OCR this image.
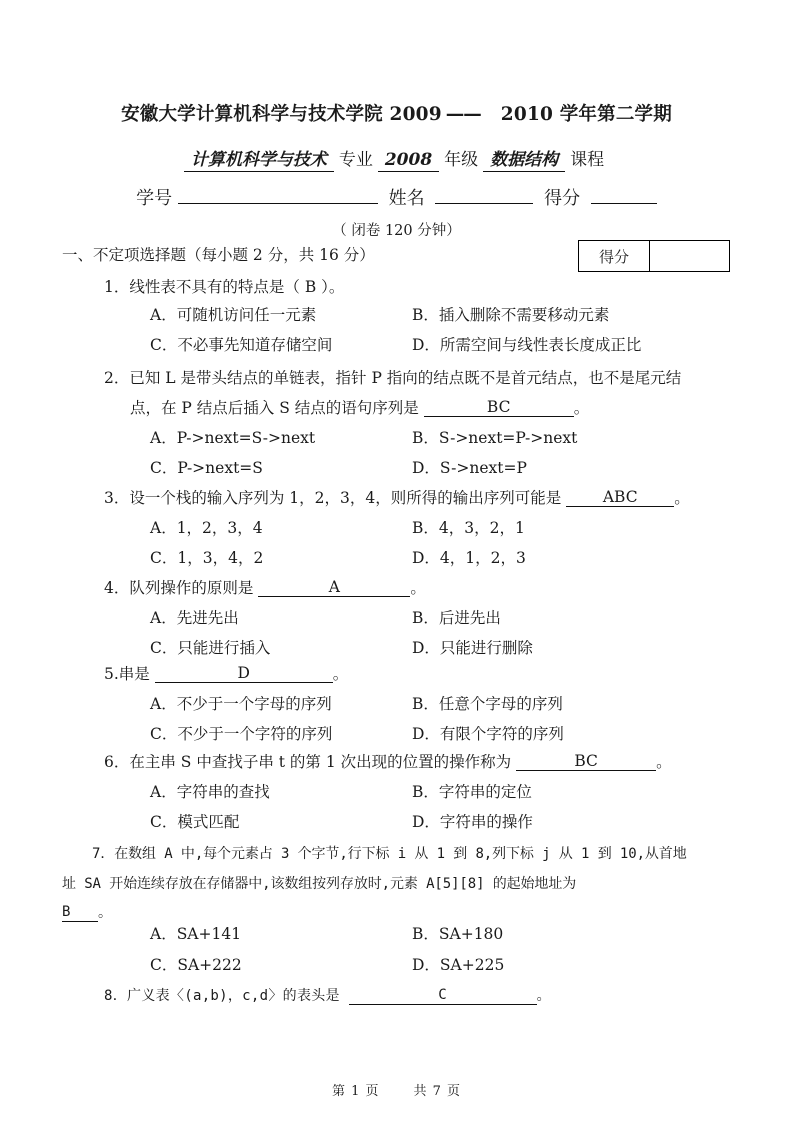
安徽大学计算机科学与技术学院 2009 —— 2010 学年第二学期
计算机科学与技术 专业 2008 年级 数据结构 课程
学号	姓名	得分
（ 闭卷 120 分钟）
得分
一、不定项选择题（每小题 2 分，共 16 分）
1．线性表不具有的特点是（ B ）。
A．可随机访问任一元素	B．插入删除不需要移动元素
C．不必事先知道存储空间	D．所需空间与线性表长度成正比
2．已知 L 是带头结点的单链表，指针 P 指向的结点既不是首元结点，也不是尾元结
点，在 P 结点后插入 S 结点的语句序列是	BC	。
A．P->next=S->next	B．S->next=P->next
C．P->next=S	D．S->next=P
3．设一个栈的输入序列为 1，2，3，4，则所得的输出序列可能是	ABC 。
A．1，2，3，4	B．4，3，2，1
C．1，3，4，2	D．4，1，2，3
4．队列操作的原则是	A	。
A．先进先出	B．后进先出
C．只能进行插入	D．只能进行删除
5.串是	D	。
A．不少于一个字母的序列	B．任意个字母的序列
C．不少于一个字符的序列	D．有限个字符的序列
6．在主串 S 中查找子串 t 的第 1 次出现的位置的操作称为	BC	。
A．字符串的查找	B．字符串的定位
C．模式匹配	D．字符串的操作
7．在数组 A 中,每个元素占 3 个字节,行下标 i 从 1 到 8,列下标 j 从 1 到 10,从首地
址 SA 开始连续存放在存储器中,该数组按列存放时,元素 A[5][8] 的起始地址为
B 。
A．SA+141	B．SA+180
C．SA+222	D．SA+225
8．广义表〈(a,b)，c,d〉的表头是	C	。
第 1 页	共 7 页
